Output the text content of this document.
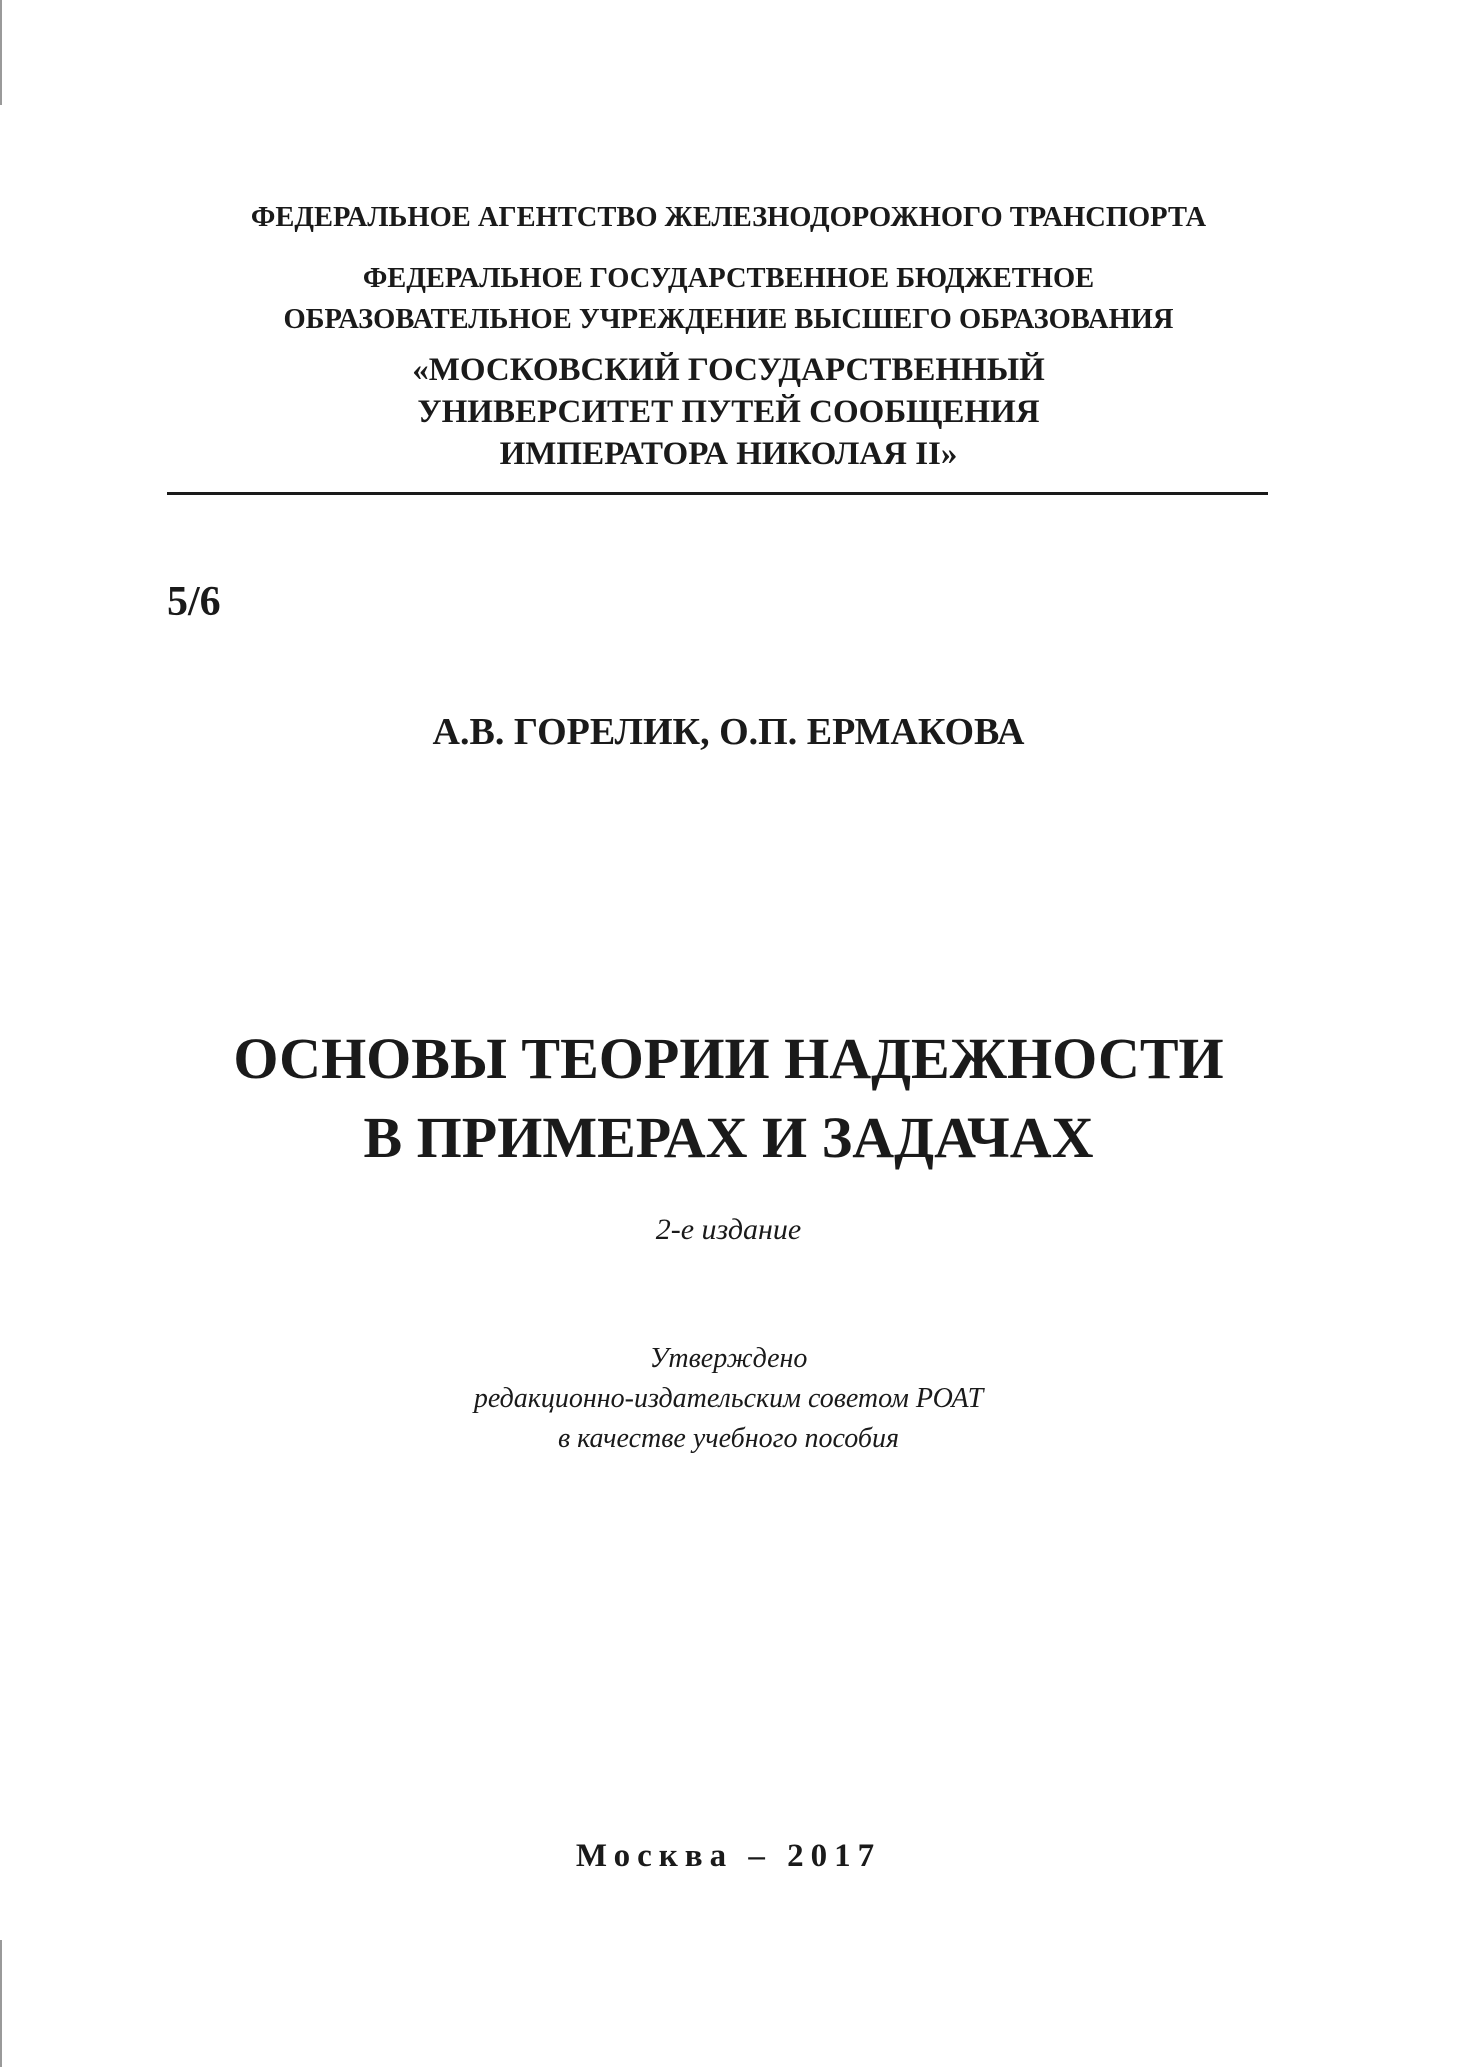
ФЕДЕРАЛЬНОЕ АГЕНТСТВО ЖЕЛЕЗНОДОРОЖНОГО ТРАНСПОРТА
ФЕДЕРАЛЬНОЕ ГОСУДАРСТВЕННОЕ БЮДЖЕТНОЕ
ОБРАЗОВАТЕЛЬНОЕ УЧРЕЖДЕНИЕ ВЫСШЕГО ОБРАЗОВАНИЯ
«МОСКОВСКИЙ ГОСУДАРСТВЕННЫЙ
УНИВЕРСИТЕТ ПУТЕЙ СООБЩЕНИЯ
ИМПЕРАТОРА НИКОЛАЯ II»
5/6
А.В. ГОРЕЛИК, О.П. ЕРМАКОВА
ОСНОВЫ ТЕОРИИ НАДЕЖНОСТИ
В ПРИМЕРАХ И ЗАДАЧАХ
2-е издание
Утверждено
редакционно-издательским советом РОАТ
в качестве учебного пособия
Москва – 2017
